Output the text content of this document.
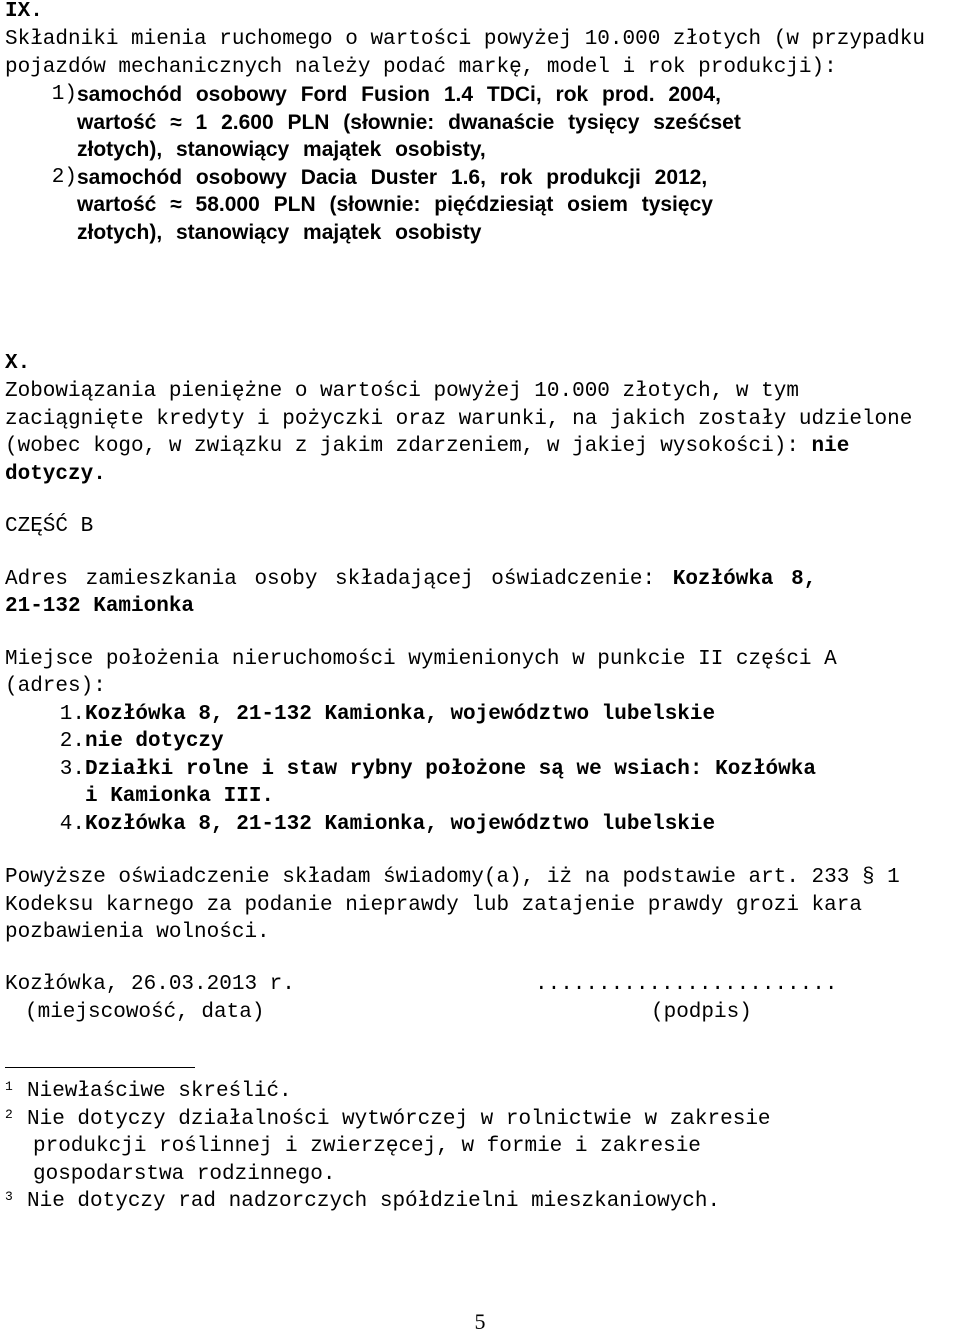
IX.

Składniki mienia ruchomego o wartości powyżej 10.000 złotych (w przypadku pojazdów mechanicznych należy podać markę, model i rok produkcji):

1) samochód osobowy Ford Fusion 1.4 TDCi, rok prod. 2004,
wartość ≈ 1 2.600 PLN (słownie: dwanaście tysięcy sześćset
złotych), stanowiący majątek osobisty,
2) samochód osobowy Dacia Duster 1.6, rok produkcji 2012,
wartość ≈ 58.000 PLN (słownie: pięćdziesiąt osiem tysięcy
złotych), stanowiący majątek osobisty

X.

Zobowiązania pieniężne o wartości powyżej 10.000 złotych, w tym zaciągnięte kredyty i pożyczki oraz warunki, na jakich zostały udzielone (wobec kogo, w związku z jakim zdarzeniem, w jakiej wysokości): nie dotyczy.

CZĘŚĆ B

Adres zamieszkania osoby składającej oświadczenie: Kozłówka 8,

21-132 Kamionka

Miejsce położenia nieruchomości wymienionych w punkcie II części A (adres):

1. Kozłówka 8, 21-132 Kamionka, województwo lubelskie
2. nie dotyczy
3. Działki rolne i staw rybny położone są we wsiach: Kozłówka
i Kamionka III.
4. Kozłówka 8, 21-132 Kamionka, województwo lubelskie

Powyższe oświadczenie składam świadomy(a), iż na podstawie art. 233 § 1 Kodeksu karnego za podanie nieprawdy lub zatajenie prawdy grozi kara pozbawienia wolności.

Kozłówka, 26.03.2013 r.	........................
(miejscowość, data)	(podpis)
1 Niewłaściwe skreślić.
2 Nie dotyczy działalności wytwórczej w rolnictwie w zakresie
produkcji roślinnej i zwierzęcej, w formie i zakresie
gospodarstwa rodzinnego.
3 Nie dotyczy rad nadzorczych spółdzielni mieszkaniowych.
5
